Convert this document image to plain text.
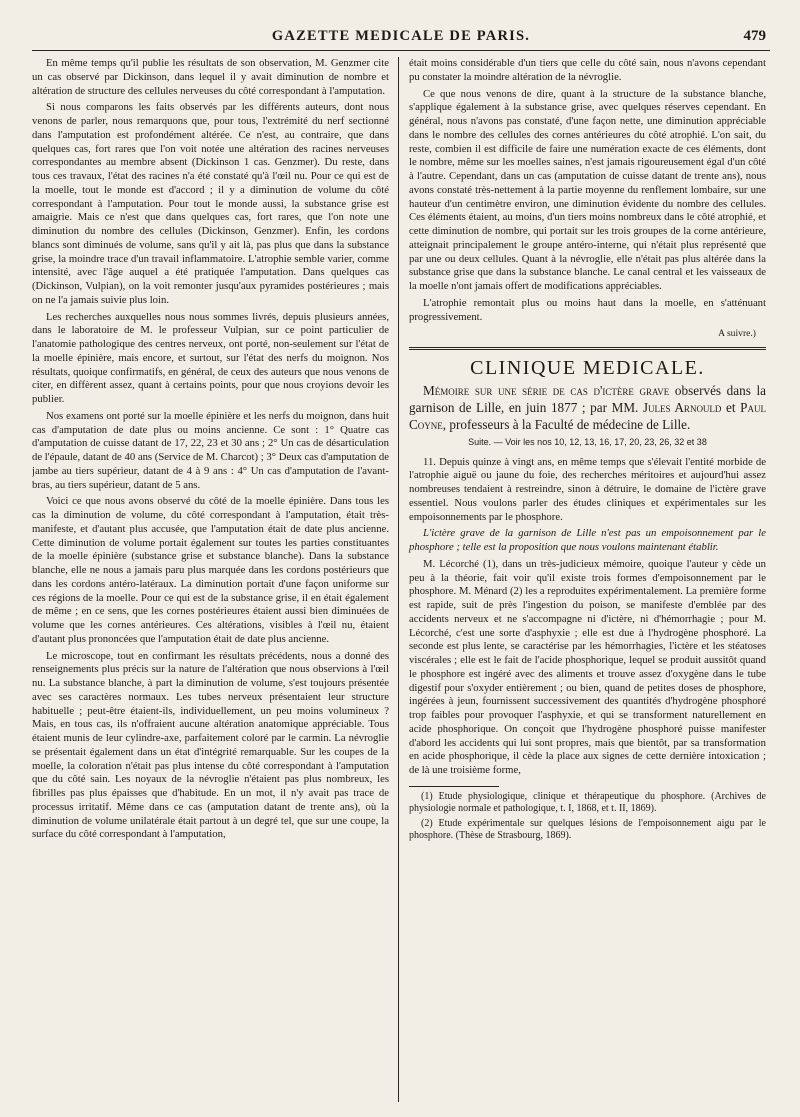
GAZETTE MEDICALE DE PARIS.	479

En même temps qu'il publie les résultats de son observation, M. Genzmer cite un cas observé par Dickinson, dans lequel il y avait diminution de nombre et altération de structure des cellules nerveuses du côté correspondant à l'amputation.

Si nous comparons les faits observés par les différents auteurs, dont nous venons de parler, nous remarquons que, pour tous, l'extrémité du nerf sectionné dans l'amputation est profondément altérée. Ce n'est, au contraire, que dans quelques cas, fort rares que l'on voit notée une altération des racines nerveuses correspondantes au membre absent (Dickinson 1 cas. Genzmer). Du reste, dans tous ces travaux, l'état des racines n'a été constaté qu'à l'œil nu. Pour ce qui est de la moelle, tout le monde est d'accord ; il y a diminution de volume du côté correspondant à l'amputation. Pour tout le monde aussi, la substance grise est amaigrie. Mais ce n'est que dans quelques cas, fort rares, que l'on note une diminution du nombre des cellules (Dickinson, Genzmer). Enfin, les cordons blancs sont diminués de volume, sans qu'il y ait là, pas plus que dans la substance grise, la moindre trace d'un travail inflammatoire. L'atrophie semble varier, comme intensité, avec l'âge auquel a été pratiquée l'amputation. Dans quelques cas (Dickinson, Vulpian), on la voit remonter jusqu'aux pyramides postérieures ; mais on ne l'a jamais suivie plus loin.

Les recherches auxquelles nous nous sommes livrés, depuis plusieurs années, dans le laboratoire de M. le professeur Vulpian, sur ce point particulier de l'anatomie pathologique des centres nerveux, ont porté, non-seulement sur l'état de la moelle épinière, mais encore, et surtout, sur l'état des nerfs du moignon. Nos résultats, quoique confirmatifs, en général, de ceux des auteurs que nous venons de citer, en diffèrent assez, quant à certains points, pour que nous croyions devoir les publier.

Nos examens ont porté sur la moelle épinière et les nerfs du moignon, dans huit cas d'amputation de date plus ou moins ancienne. Ce sont : 1° Quatre cas d'amputation de cuisse datant de 17, 22, 23 et 30 ans ; 2° Un cas de désarticulation de l'épaule, datant de 40 ans (Service de M. Charcot) ; 3° Deux cas d'amputation de jambe au tiers supérieur, datant de 4 à 9 ans : 4° Un cas d'amputation de l'avant-bras, au tiers supérieur, datant de 5 ans.

Voici ce que nous avons observé du côté de la moelle épinière. Dans tous les cas la diminution de volume, du côté correspondant à l'amputation, était très-manifeste, et d'autant plus accusée, que l'amputation était de date plus ancienne. Cette diminution de volume portait également sur toutes les parties constituantes de la moelle épinière (substance grise et substance blanche). Dans la substance blanche, elle ne nous a jamais paru plus marquée dans les cordons postérieurs que dans les cordons antéro-latéraux. La diminution portait d'une façon uniforme sur ces régions de la moelle. Pour ce qui est de la substance grise, il en était également de même ; en ce sens, que les cornes postérieures étaient aussi bien diminuées de volume que les cornes antérieures. Ces altérations, visibles à l'œil nu, étaient d'autant plus prononcées que l'amputation était de date plus ancienne.

Le microscope, tout en confirmant les résultats précédents, nous a donné des renseignements plus précis sur la nature de l'altération que nous observions à l'œil nu. La substance blanche, à part la diminution de volume, s'est toujours présentée avec ses caractères normaux. Les tubes nerveux présentaient leur structure habituelle ; peut-être étaient-ils, individuellement, un peu moins volumineux ? Mais, en tous cas, ils n'offraient aucune altération anatomique appréciable. Tous étaient munis de leur cylindre-axe, parfaitement coloré par le carmin. La névroglie se présentait également dans un état d'intégrité remarquable. Sur les coupes de la moelle, la coloration n'était pas plus intense du côté correspondant à l'amputation que du côté sain. Les noyaux de la névroglie n'étaient pas plus nombreux, les fibrilles pas plus épaisses que d'habitude. En un mot, il n'y avait pas trace de processus irritatif. Même dans ce cas (amputation datant de trente ans), où la diminution de volume unilatérale était partout à un degré tel, que sur une coupe, la surface du côté correspondant à l'amputation,

était moins considérable d'un tiers que celle du côté sain, nous n'avons cependant pu constater la moindre altération de la névroglie.

Ce que nous venons de dire, quant à la structure de la substance blanche, s'applique également à la substance grise, avec quelques réserves cependant. En général, nous n'avons pas constaté, d'une façon nette, une diminution appréciable dans le nombre des cellules des cornes antérieures du côté atrophié. L'on sait, du reste, combien il est difficile de faire une numération exacte de ces éléments, dont le nombre, même sur les moelles saines, n'est jamais rigoureusement égal d'un côté à l'autre. Cependant, dans un cas (amputation de cuisse datant de trente ans), nous avons constaté très-nettement à la partie moyenne du renflement lombaire, sur une hauteur d'un centimètre environ, une diminution évidente du nombre des cellules. Ces éléments étaient, au moins, d'un tiers moins nombreux dans le côté atrophié, et cette diminution de nombre, qui portait sur les trois groupes de la corne antérieure, atteignait principalement le groupe antéro-interne, qui n'était plus représenté que par une ou deux cellules. Quant à la névroglie, elle n'était pas plus altérée dans la substance grise que dans la substance blanche. Le canal central et les vaisseaux de la moelle n'ont jamais offert de modifications appréciables.

L'atrophie remontait plus ou moins haut dans la moelle, en s'atténuant progressivement.

A suivre.)
CLINIQUE MEDICALE.

Mémoire sur une série de cas d'ictère grave observés dans la garnison de Lille, en juin 1877 ; par MM. Jules Arnould et Paul Coyne, professeurs à la Faculté de médecine de Lille.

Suite. — Voir les nos 10, 12, 13, 16, 17, 20, 23, 26, 32 et 38

11. Depuis quinze à vingt ans, en même temps que s'élevait l'entité morbide de l'atrophie aiguë ou jaune du foie, des recherches méritoires et aujourd'hui assez nombreuses tendaient à restreindre, sinon à détruire, le domaine de l'ictère grave essentiel. Nous voulons parler des études cliniques et expérimentales sur les empoisonnements par le phosphore.

L'ictère grave de la garnison de Lille n'est pas un empoisonnement par le phosphore ; telle est la proposition que nous voulons maintenant établir.

M. Lécorché (1), dans un très-judicieux mémoire, quoique l'auteur y cède un peu à la théorie, fait voir qu'il existe trois formes d'empoisonnement par le phosphore. M. Ménard (2) les a reproduites expérimentalement. La première forme est rapide, suit de près l'ingestion du poison, se manifeste d'emblée par des accidents nerveux et ne s'accompagne ni d'ictère, ni d'hémorrhagie ; pour M. Lécorché, c'est une sorte d'asphyxie ; elle est due à l'hydrogène phosphoré. La seconde est plus lente, se caractérise par les hémorrhagies, l'ictère et les stéatoses viscérales ; elle est le fait de l'acide phosphorique, lequel se produit aussitôt quand le phosphore est ingéré avec des aliments et trouve assez d'oxygène dans le tube digestif pour s'oxyder entièrement ; ou bien, quand de petites doses de phosphore, ingérées à jeun, fournissent successivement des quantités d'hydrogène phosphoré trop faibles pour provoquer l'asphyxie, et qui se transforment naturellement en acide phosphorique. On conçoit que l'hydrogène phosphoré puisse manifester d'abord les accidents qui lui sont propres, mais que bientôt, par sa transformation en acide phosphorique, il cède la place aux signes de cette dernière intoxication ; de là une troisième forme,

(1) Etude physiologique, clinique et thérapeutique du phosphore. (Archives de physiologie normale et pathologique, t. I, 1868, et t. II, 1869).

(2) Etude expérimentale sur quelques lésions de l'empoisonnement aigu par le phosphore. (Thèse de Strasbourg, 1869).
